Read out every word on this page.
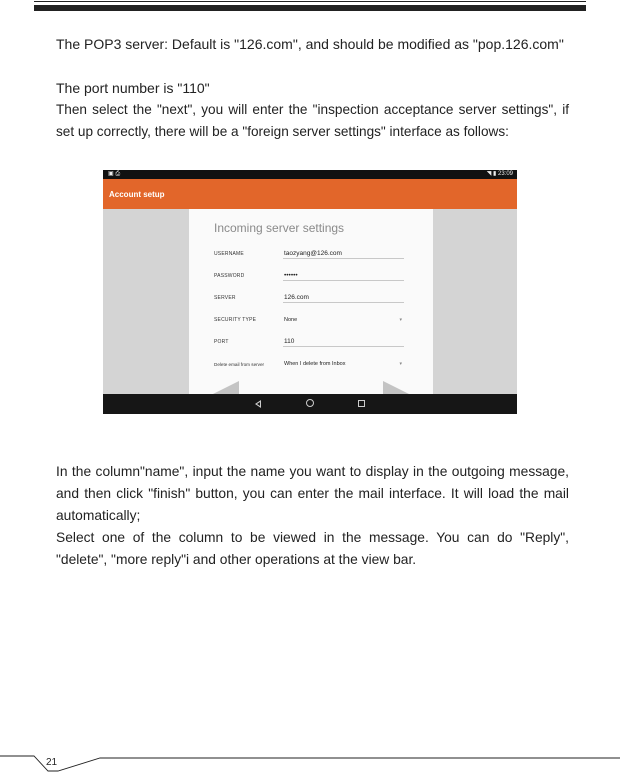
The POP3 server: Default is "126.com", and should be modified as "pop.126.com"

The port number is "110"

Then select the "next", you will enter the "inspection acceptance server settings", if set up correctly, there will be a "foreign server settings" interface as follows:

▣ ⎙	◥ ▮ 23:09
Account setup
Incoming server settings
USERNAME	taozyang@126.com
PASSWORD	••••••
SERVER	126.com
SECURITY TYPE	None	▾
PORT	110
Delete email from server	When I delete from Inbox	▾

In the column"name", input the name you want to display in the outgoing message, and then click "finish" button, you can enter the mail interface. It will load the mail automatically;

Select one of the column to be viewed in the message. You can do "Reply", "delete", "more reply"i and other operations at the view bar.

21
